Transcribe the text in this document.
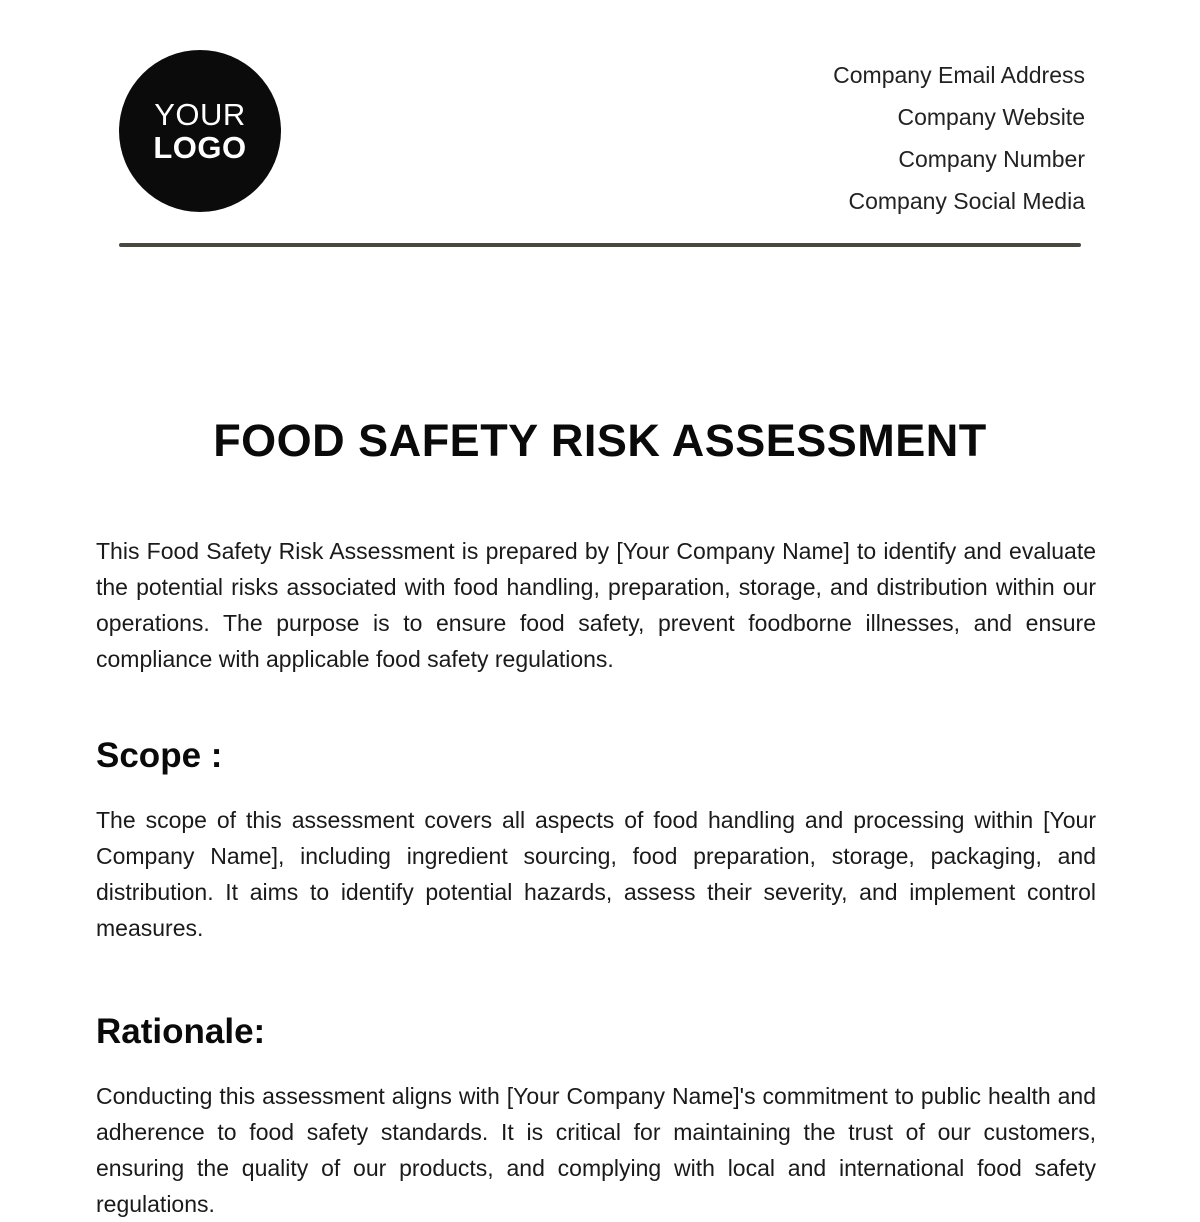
YOUR
LOGO
Company Email Address
Company Website
Company Number
Company Social Media
FOOD SAFETY RISK ASSESSMENT

This Food Safety Risk Assessment is prepared by [Your Company Name] to identify and evaluate the potential risks associated with food handling, preparation, storage, and distribution within our operations. The purpose is to ensure food safety, prevent foodborne illnesses, and ensure compliance with applicable food safety regulations.

Scope :

The scope of this assessment covers all aspects of food handling and processing within [Your Company Name], including ingredient sourcing, food preparation, storage, packaging, and distribution. It aims to identify potential hazards, assess their severity, and implement control measures.

Rationale:

Conducting this assessment aligns with [Your Company Name]'s commitment to public health and adherence to food safety standards. It is critical for maintaining the trust of our customers, ensuring the quality of our products, and complying with local and international food safety regulations.
